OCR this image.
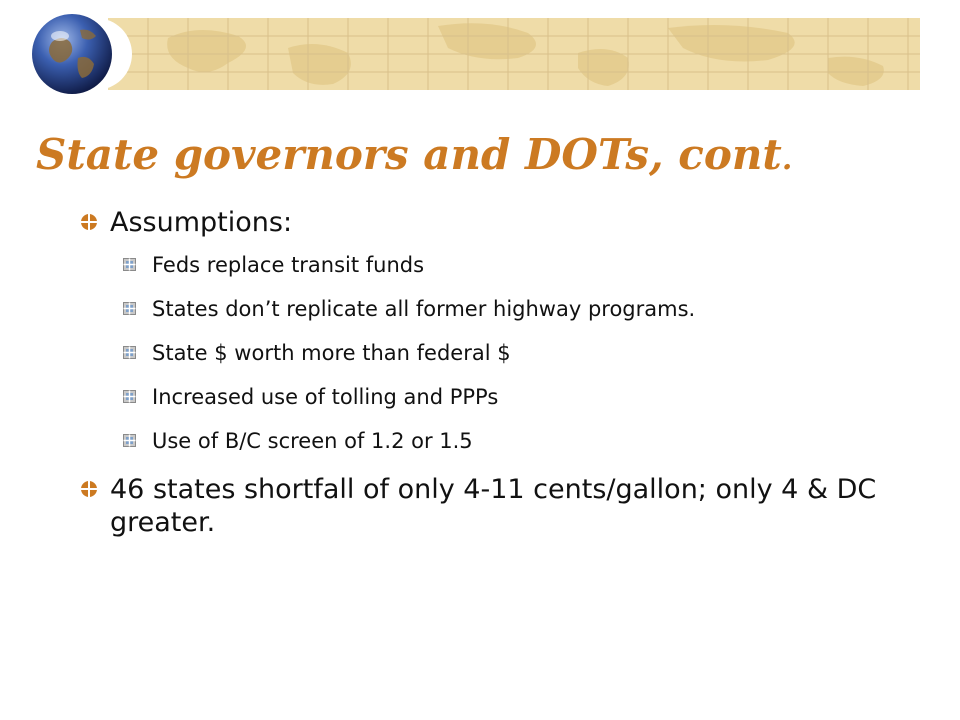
State governors and DOTs, cont.
Assumptions:
Feds replace transit funds
States don’t replicate all former highway programs.
State $ worth more than federal $
Increased use of tolling and PPPs
Use of B/C screen of 1.2 or 1.5
46 states shortfall of only 4-11 cents/gallon; only 4 & DC greater.
